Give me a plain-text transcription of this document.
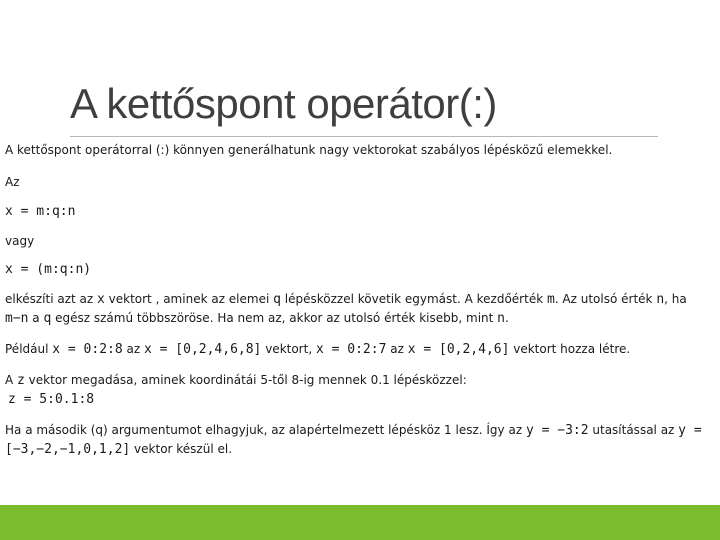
A kettőspont operátor(:)

A kettőspont operátorral (:) könnyen generálhatunk nagy vektorokat szabályos lépésközű elemekkel.

Az

x = m:q:n

vagy

x = (m:q:n)

elkészíti azt az x vektort , aminek az elemei q lépésközzel követik egymást. A kezdőérték m. Az utolsó érték n, ha m−n a q egész számú többszöröse. Ha nem az, akkor az utolsó érték kisebb, mint n.

Például x = 0:2:8 az x = [0,2,4,6,8] vektort, x = 0:2:7 az x = [0,2,4,6] vektort hozza létre.

A z vektor megadása, aminek koordinátái 5-től 8-ig mennek 0.1 lépésközzel:
z = 5:0.1:8

Ha a második (q) argumentumot elhagyjuk, az alapértelmezett lépésköz 1 lesz. Így az y = −3:2 utasítással az y = [−3,−2,−1,0,1,2] vektor készül el.
